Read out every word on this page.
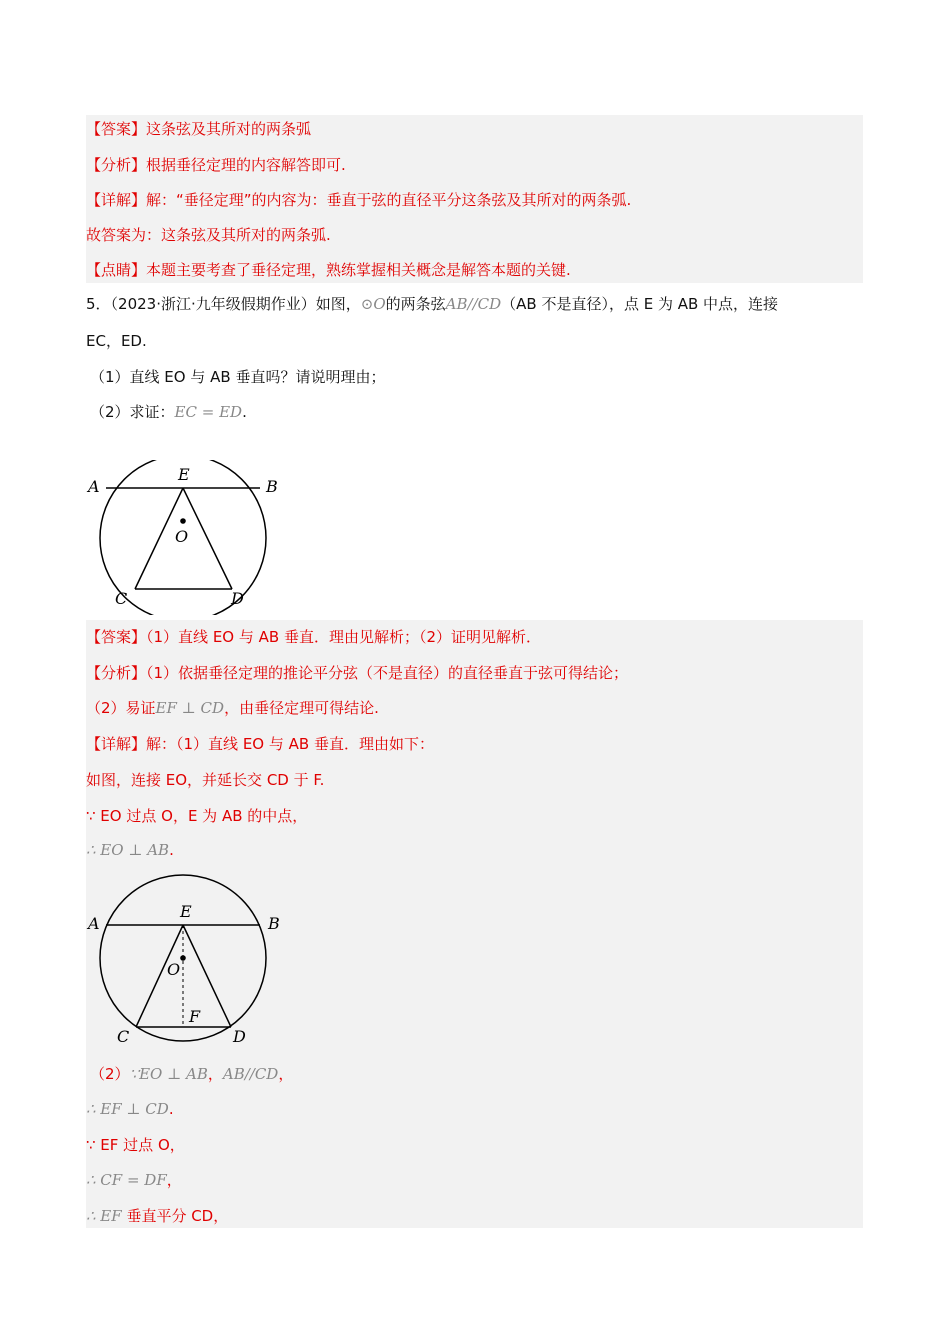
【答案】这条弦及其所对的两条弧
【分析】根据垂径定理的内容解答即可.
【详解】解：“垂径定理”的内容为：垂直于弦的直径平分这条弦及其所对的两条弧.
故答案为：这条弦及其所对的两条弧.
【点睛】本题主要考查了垂径定理，熟练掌握相关概念是解答本题的关键.
5．（2023·浙江·九年级假期作业）如图，⊙O的两条弦AB//CD（AB 不是直径），点 E 为 AB 中点，连接
EC，ED.
（1）直线 EO 与 AB 垂直吗？请说明理由；
（2）求证：EC = ED.
A	B
E
O
C	D
【答案】（1）直线 EO 与 AB 垂直．理由见解析；（2）证明见解析．
【分析】（1）依据垂径定理的推论平分弦（不是直径）的直径垂直于弦可得结论；
（2）易证EF ⊥ CD，由垂径定理可得结论.
【详解】解：（1）直线 EO 与 AB 垂直．理由如下：
如图，连接 EO，并延长交 CD 于 F.
∵ EO 过点 O，E 为 AB 的中点，
∴ EO ⊥ AB.
A	B
E
O
F
C	D
（2）∵EO ⊥ AB，AB//CD，
∴ EF ⊥ CD.
∵ EF 过点 O，
∴ CF = DF，
∴ EF 垂直平分 CD，
